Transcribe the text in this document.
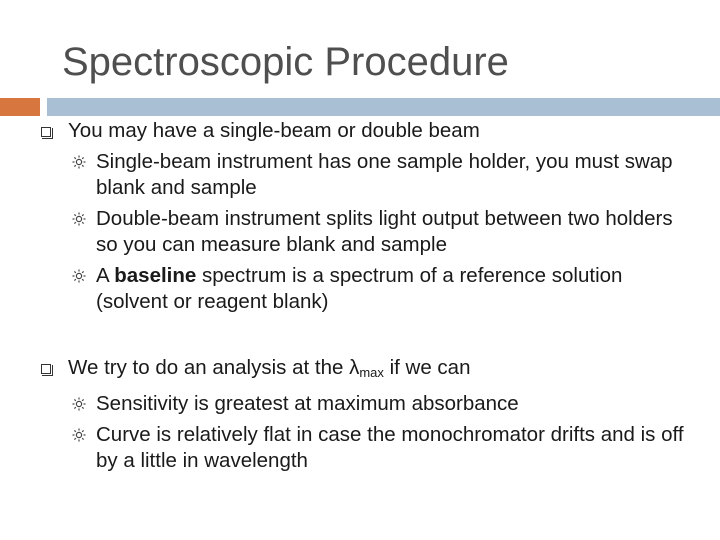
Spectroscopic Procedure
You may have a single-beam or double beam
Single-beam instrument has one sample holder, you must swap blank and sample
Double-beam instrument splits light output between two holders so you can measure blank and sample
A baseline spectrum is a spectrum of a reference solution (solvent or reagent blank)
We try to do an analysis at the $\lambda_{max}$ if we can
Sensitivity is greatest at maximum absorbance
Curve is relatively flat in case the monochromator drifts and is off by a little in wavelength
